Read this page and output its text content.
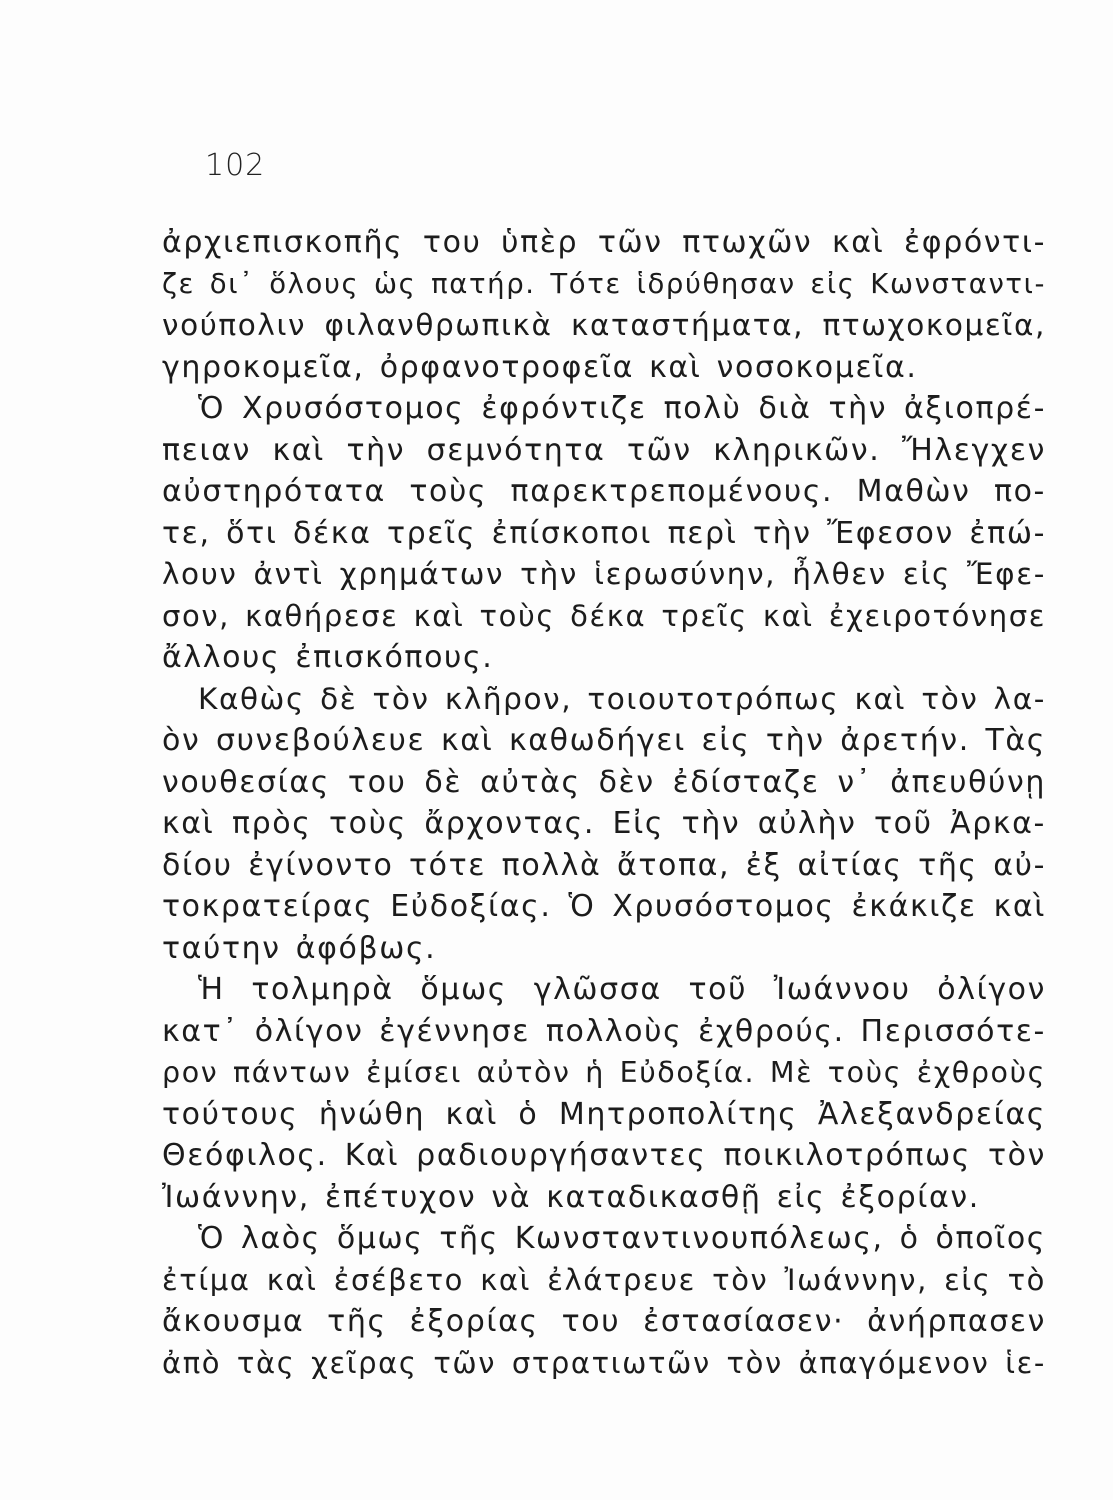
102
ἀρχιεπισκοπῆς του ὑπὲρ τῶν πτωχῶν καὶ ἐφρόντι-
ζε δι᾽ ὅλους ὡς πατήρ. Τότε ἱδρύθησαν εἰς Κωνσταντι-
νούπολιν φιλανθρωπικὰ καταστήματα, πτωχοκομεῖα,
γηροκομεῖα, ὀρφανοτροφεῖα καὶ νοσοκομεῖα.
Ὁ Χρυσόστομος ἐφρόντιζε πολὺ διὰ τὴν ἀξιοπρέ-
πειαν καὶ τὴν σεμνότητα τῶν κληρικῶν. Ἤλεγχεν
αὐστηρότατα τοὺς παρεκτρεπομένους. Μαθὼν πο-
τε, ὅτι δέκα τρεῖς ἐπίσκοποι περὶ τὴν Ἔφεσον ἐπώ-
λουν ἀντὶ χρημάτων τὴν ἱερωσύνην, ἦλθεν εἰς Ἔφε-
σον, καθήρεσε καὶ τοὺς δέκα τρεῖς καὶ ἐχειροτόνησε
ἄλλους ἐπισκόπους.
Καθὼς δὲ τὸν κλῆρον, τοιουτοτρόπως καὶ τὸν λα-
ὸν συνεβούλευε καὶ καθωδήγει εἰς τὴν ἀρετήν. Τὰς
νουθεσίας του δὲ αὐτὰς δὲν ἐδίσταζε ν᾽ ἀπευθύνῃ
καὶ πρὸς τοὺς ἄρχοντας. Εἰς τὴν αὐλὴν τοῦ Ἀρκα-
δίου ἐγίνοντο τότε πολλὰ ἄτοπα, ἐξ αἰτίας τῆς αὐ-
τοκρατείρας Εὐδοξίας. Ὁ Χρυσόστομος ἐκάκιζε καὶ
ταύτην ἀφόβως.
Ἡ τολμηρὰ ὅμως γλῶσσα τοῦ Ἰωάννου ὀλίγον
κατ᾽ ὀλίγον ἐγέννησε πολλοὺς ἐχθρούς. Περισσότε-
ρον πάντων ἐμίσει αὐτὸν ἡ Εὐδοξία. Μὲ τοὺς ἐχθροὺς
τούτους ἡνώθη καὶ ὁ Μητροπολίτης Ἀλεξανδρείας
Θεόφιλος. Καὶ ραδιουργήσαντες ποικιλοτρόπως τὸν
Ἰωάννην, ἐπέτυχον νὰ καταδικασθῇ εἰς ἐξορίαν.
Ὁ λαὸς ὅμως τῆς Κωνσταντινουπόλεως, ὁ ὁποῖος
ἐτίμα καὶ ἐσέβετο καὶ ἐλάτρευε τὸν Ἰωάννην, εἰς τὸ
ἄκουσμα τῆς ἐξορίας του ἐστασίασεν· ἀνήρπασεν
ἀπὸ τὰς χεῖρας τῶν στρατιωτῶν τὸν ἀπαγόμενον ἱε-
